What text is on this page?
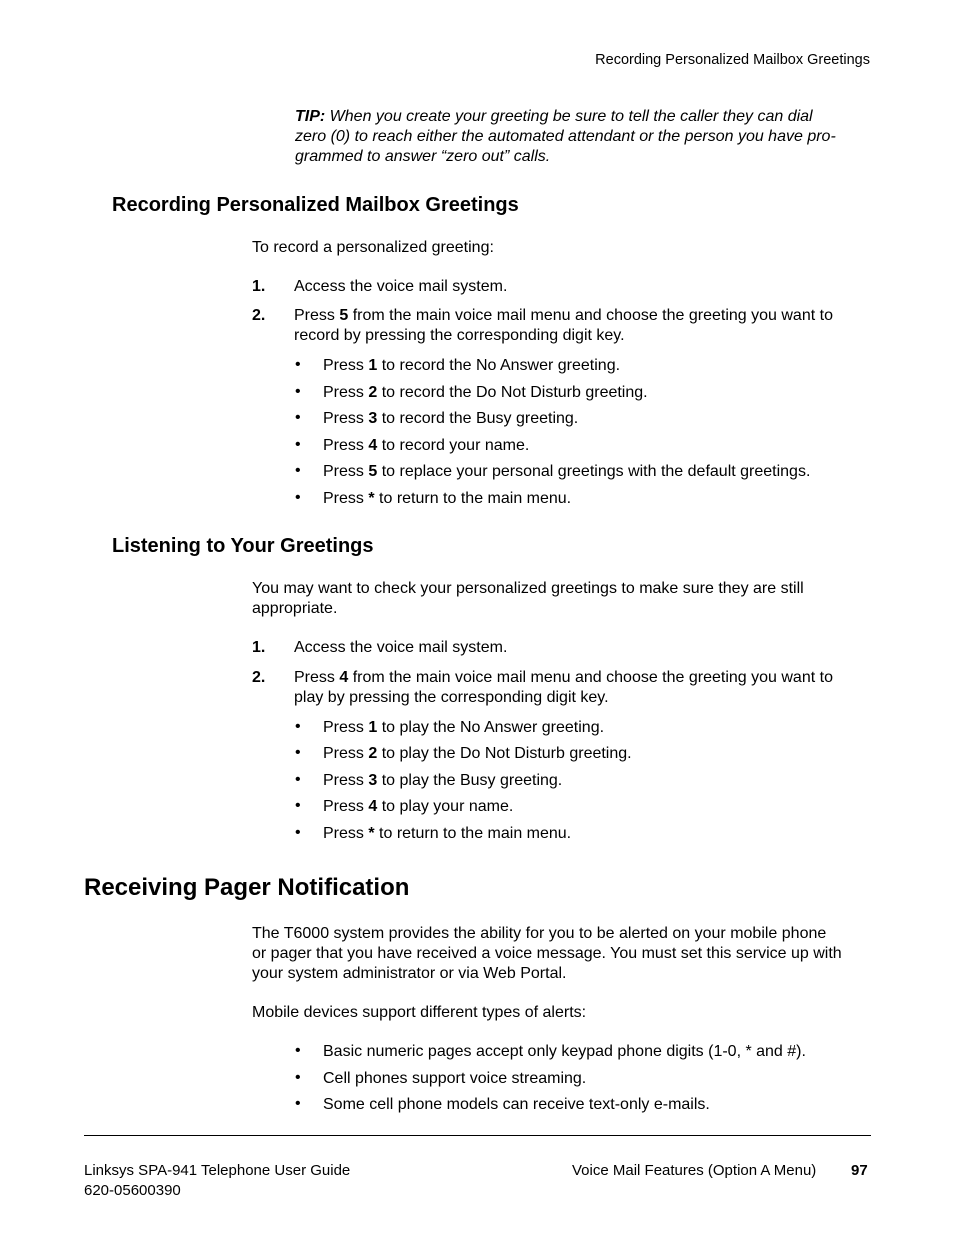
Recording Personalized Mailbox Greetings
TIP: When you create your greeting be sure to tell the caller they can dial
zero (0) to reach either the automated attendant or the person you have pro-
grammed to answer “zero out” calls.
Recording Personalized Mailbox Greetings

To record a personalized greeting:

1. Access the voice mail system.
2. Press 5 from the main voice mail menu and choose the greeting you want to
record by pressing the corresponding digit key.
• Press 1 to record the No Answer greeting.
• Press 2 to record the Do Not Disturb greeting.
• Press 3 to record the Busy greeting.
• Press 4 to record your name.
• Press 5 to replace your personal greetings with the default greetings.
• Press * to return to the main menu.
Listening to Your Greetings
You may want to check your personalized greetings to make sure they are still
appropriate.
1. Access the voice mail system.
2. Press 4 from the main voice mail menu and choose the greeting you want to
play by pressing the corresponding digit key.
• Press 1 to play the No Answer greeting.
• Press 2 to play the Do Not Disturb greeting.
• Press 3 to play the Busy greeting.
• Press 4 to play your name.
• Press * to return to the main menu.
Receiving Pager Notification
The T6000 system provides the ability for you to be alerted on your mobile phone
or pager that you have received a voice message. You must set this service up with
your system administrator or via Web Portal.

Mobile devices support different types of alerts:

• Basic numeric pages accept only keypad phone digits (1-0, * and #).
• Cell phones support voice streaming.
• Some cell phone models can receive text-only e-mails.
Linksys SPA-941 Telephone User Guide
620-05600390
Voice Mail Features (Option A Menu) 97
